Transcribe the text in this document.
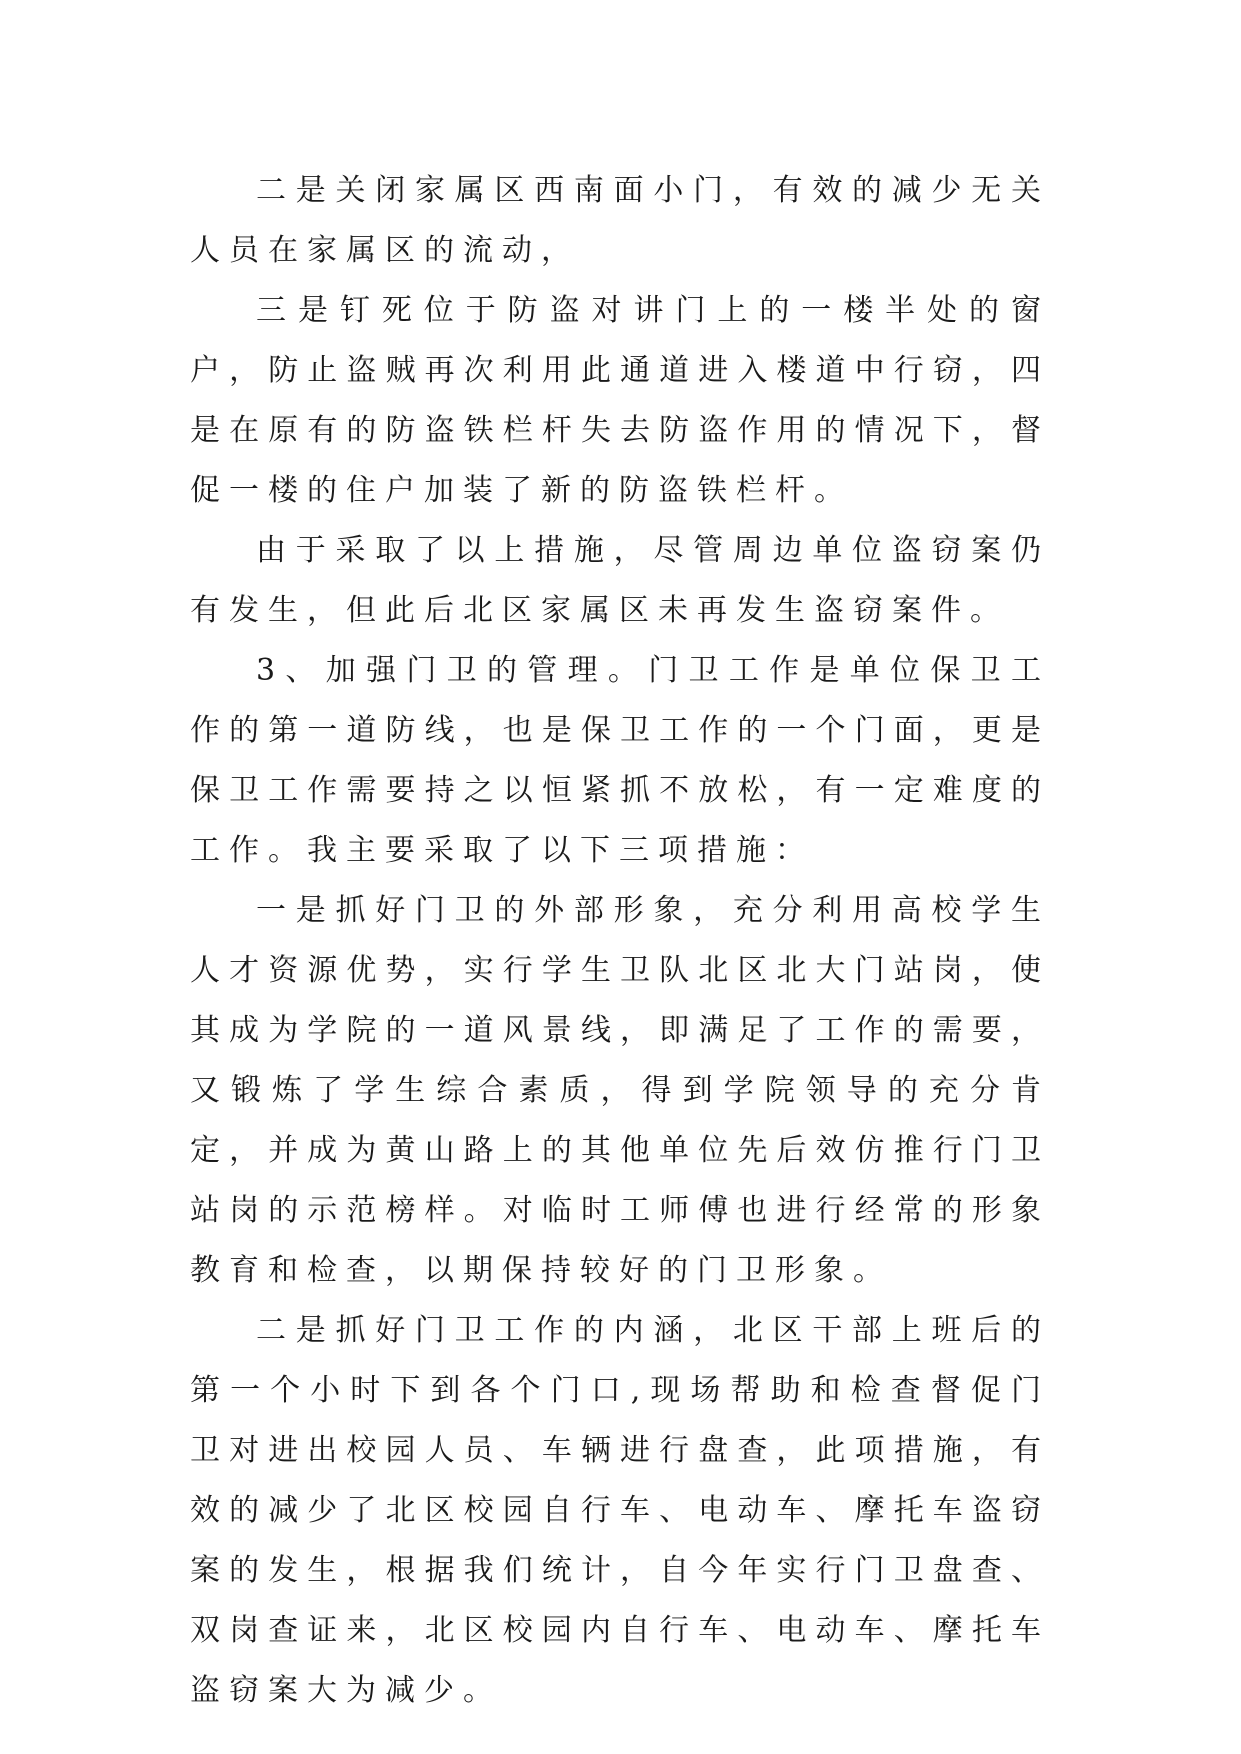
二是关闭家属区西南面小门，有效的减少无关人员在家属区的流动，

三是钉死位于防盗对讲门上的一楼半处的窗户，防止盗贼再次利用此通道进入楼道中行窃，四是在原有的防盗铁栏杆失去防盗作用的情况下，督促一楼的住户加装了新的防盗铁栏杆。

由于采取了以上措施，尽管周边单位盗窃案仍有发生，但此后北区家属区未再发生盗窃案件。

3、加强门卫的管理。门卫工作是单位保卫工作的第一道防线，也是保卫工作的一个门面，更是保卫工作需要持之以恒紧抓不放松，有一定难度的工作。我主要采取了以下三项措施：

一是抓好门卫的外部形象，充分利用高校学生人才资源优势，实行学生卫队北区北大门站岗，使其成为学院的一道风景线，即满足了工作的需要，又锻炼了学生综合素质，得到学院领导的充分肯定，并成为黄山路上的其他单位先后效仿推行门卫站岗的示范榜样。对临时工师傅也进行经常的形象教育和检查，以期保持较好的门卫形象。

二是抓好门卫工作的内涵，北区干部上班后的第一个小时下到各个门口,现场帮助和检查督促门卫对进出校园人员、车辆进行盘查，此项措施，有效的减少了北区校园自行车、电动车、摩托车盗窃案的发生，根据我们统计，自今年实行门卫盘查、双岗查证来，北区校园内自行车、电动车、摩托车盗窃案大为减少。
